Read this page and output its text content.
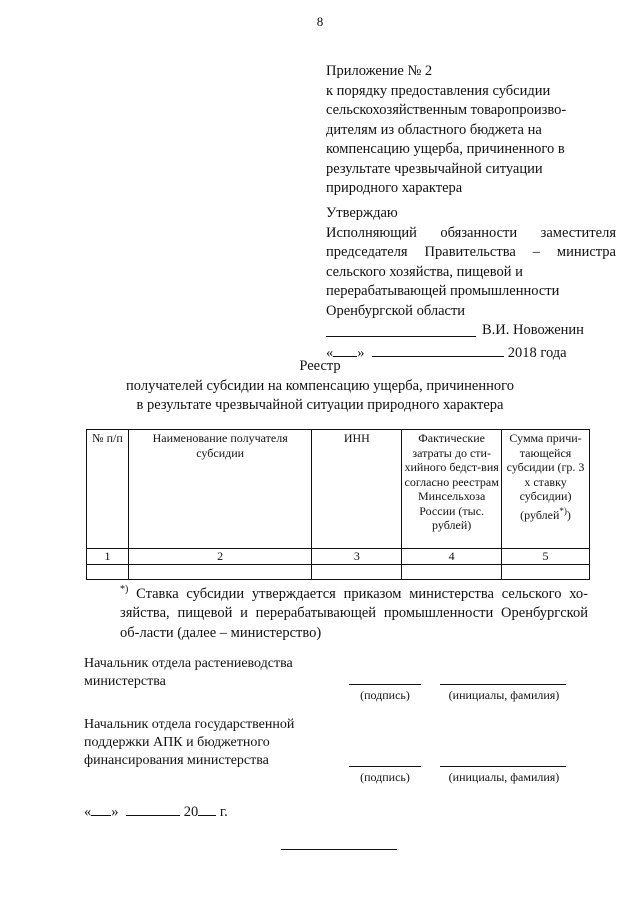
8
Приложение № 2
к порядку предоставления субсидии
сельскохозяйственным товаропроизво-
дителям из областного бюджета на
компенсацию ущерба, причиненного в
результате чрезвычайной ситуации
природного характера
Утверждаю
Исполняющий обязанности заместителя
председателя Правительства – министра
сельского хозяйства, пищевой и
перерабатывающей промышленности
Оренбургской области
В.И. Новоженин
« »	2018 года
Реестр
получателей субсидии на компенсацию ущерба, причиненного
в результате чрезвычайной ситуации природного характера
№ п/п	Наименование получателя субсидии	ИНН	Фактические затраты до сти-хийного бедст-вия согласно реестрам Минсельхоза России (тыс. рублей)	Сумма причи-тающейся субсидии (гр. 3 х ставку субсидии) (рублей*))
1	2	3	4	5

*) Ставка субсидии утверждается приказом министерства сельского хо-зяйства, пищевой и перерабатывающей промышленности Оренбургской об-ласти (далее – министерство)
Начальник отдела растениеводства
министерства
(подпись)	(инициалы, фамилия)
Начальник отдела государственной
поддержки АПК и бюджетного
финансирования министерства
(подпись)	(инициалы, фамилия)
« »	20 г.
